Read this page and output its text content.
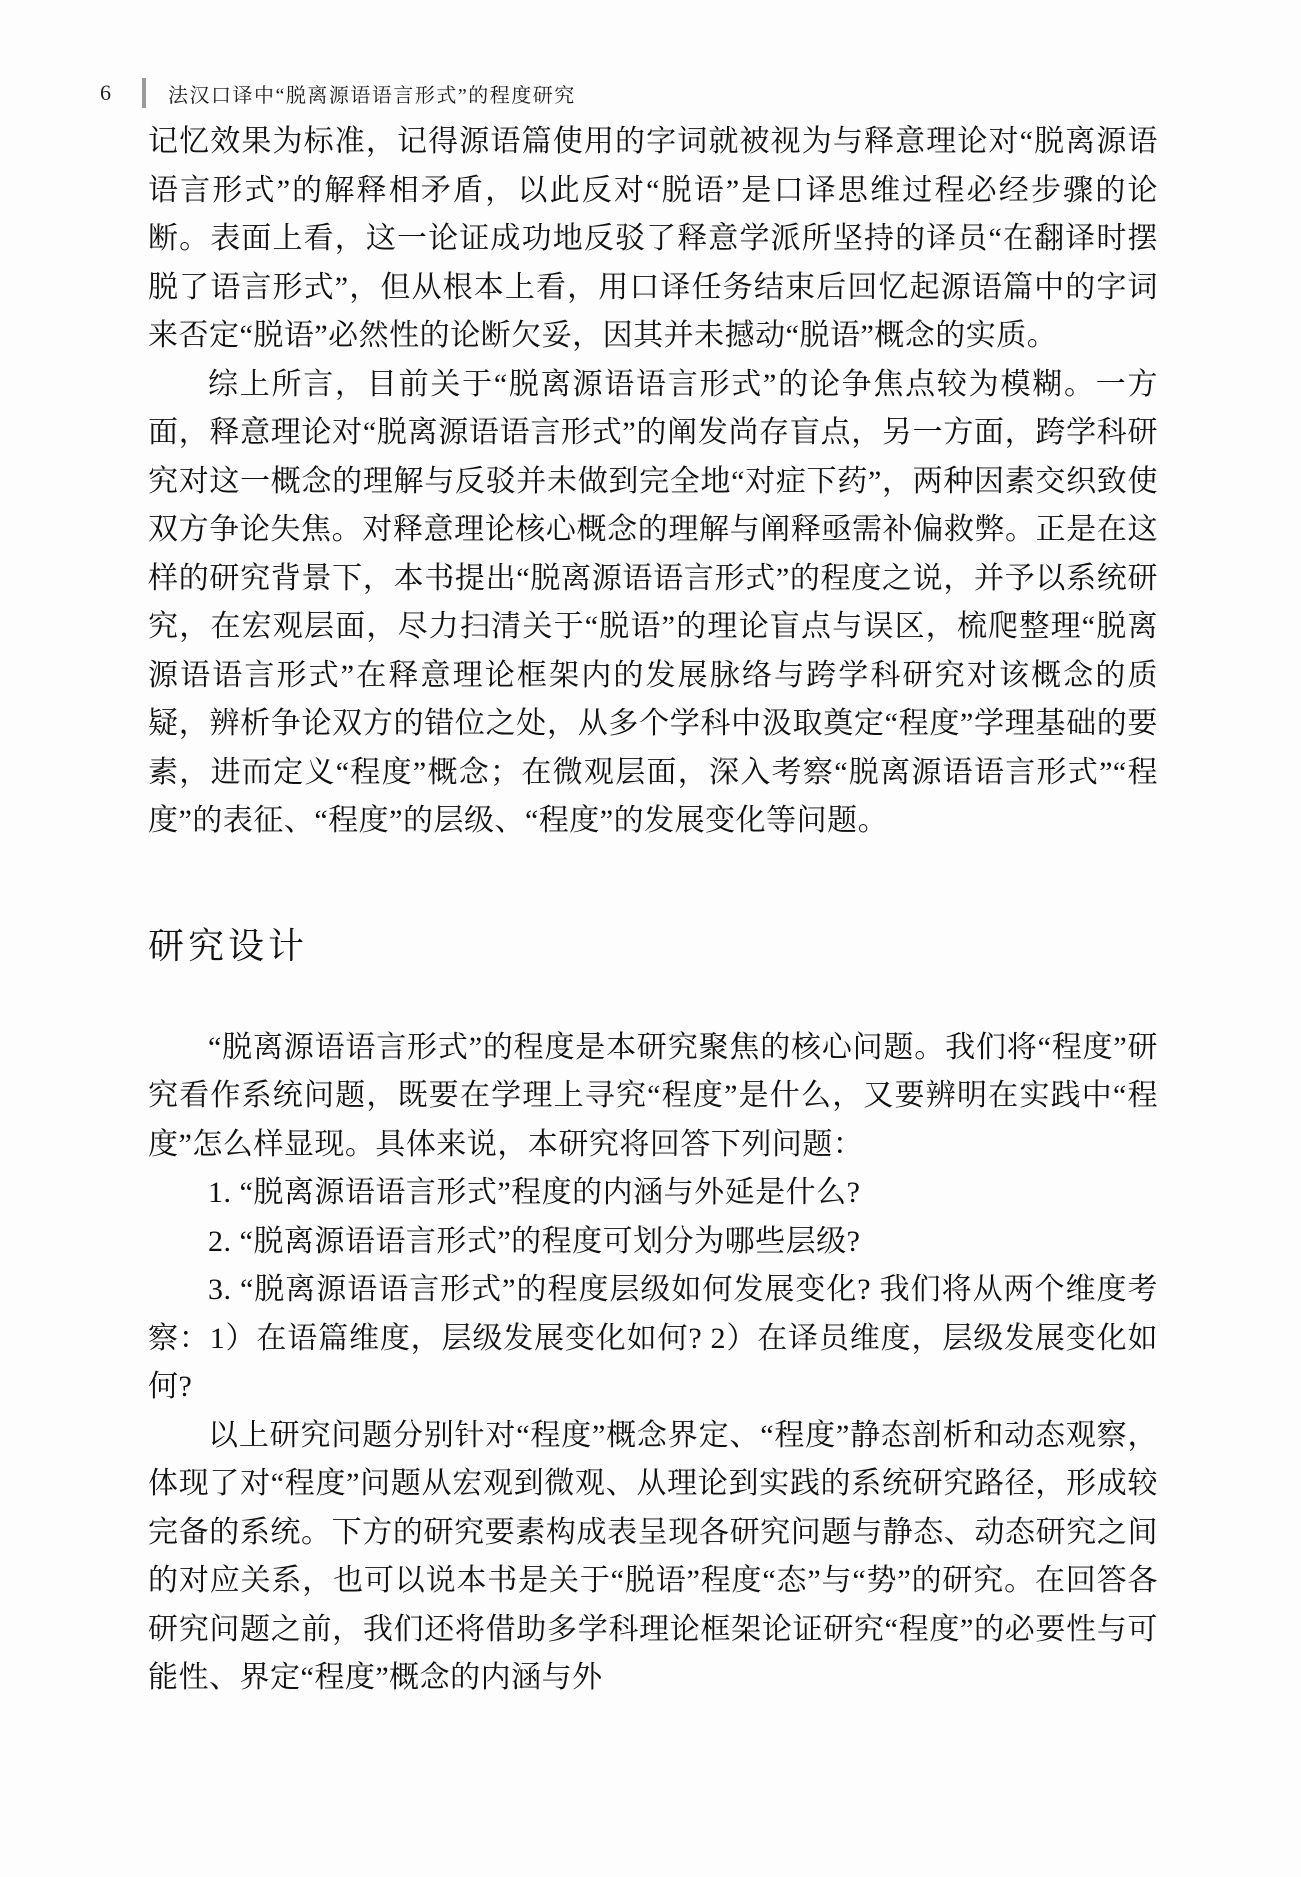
6	法汉口译中“脱离源语语言形式”的程度研究

记忆效果为标准，记得源语篇使用的字词就被视为与释意理论对“脱离源语语言形式”的解释相矛盾，以此反对“脱语”是口译思维过程必经步骤的论断。表面上看，这一论证成功地反驳了释意学派所坚持的译员“在翻译时摆脱了语言形式”，但从根本上看，用口译任务结束后回忆起源语篇中的字词来否定“脱语”必然性的论断欠妥，因其并未撼动“脱语”概念的实质。

综上所言，目前关于“脱离源语语言形式”的论争焦点较为模糊。一方面，释意理论对“脱离源语语言形式”的阐发尚存盲点，另一方面，跨学科研究对这一概念的理解与反驳并未做到完全地“对症下药”，两种因素交织致使双方争论失焦。对释意理论核心概念的理解与阐释亟需补偏救弊。正是在这样的研究背景下，本书提出“脱离源语语言形式”的程度之说，并予以系统研究，在宏观层面，尽力扫清关于“脱语”的理论盲点与误区，梳爬整理“脱离源语语言形式”在释意理论框架内的发展脉络与跨学科研究对该概念的质疑，辨析争论双方的错位之处，从多个学科中汲取奠定“程度”学理基础的要素，进而定义“程度”概念；在微观层面，深入考察“脱离源语语言形式”“程度”的表征、“程度”的层级、“程度”的发展变化等问题。

研究设计

“脱离源语语言形式”的程度是本研究聚焦的核心问题。我们将“程度”研究看作系统问题，既要在学理上寻究“程度”是什么，又要辨明在实践中“程度”怎么样显现。具体来说，本研究将回答下列问题：

1. “脱离源语语言形式”程度的内涵与外延是什么?

2. “脱离源语语言形式”的程度可划分为哪些层级?

3. “脱离源语语言形式”的程度层级如何发展变化? 我们将从两个维度考察：1）在语篇维度，层级发展变化如何? 2）在译员维度，层级发展变化如何?

以上研究问题分别针对“程度”概念界定、“程度”静态剖析和动态观察，体现了对“程度”问题从宏观到微观、从理论到实践的系统研究路径，形成较完备的系统。下方的研究要素构成表呈现各研究问题与静态、动态研究之间的对应关系，也可以说本书是关于“脱语”程度“态”与“势”的研究。在回答各研究问题之前，我们还将借助多学科理论框架论证研究“程度”的必要性与可能性、界定“程度”概念的内涵与外
